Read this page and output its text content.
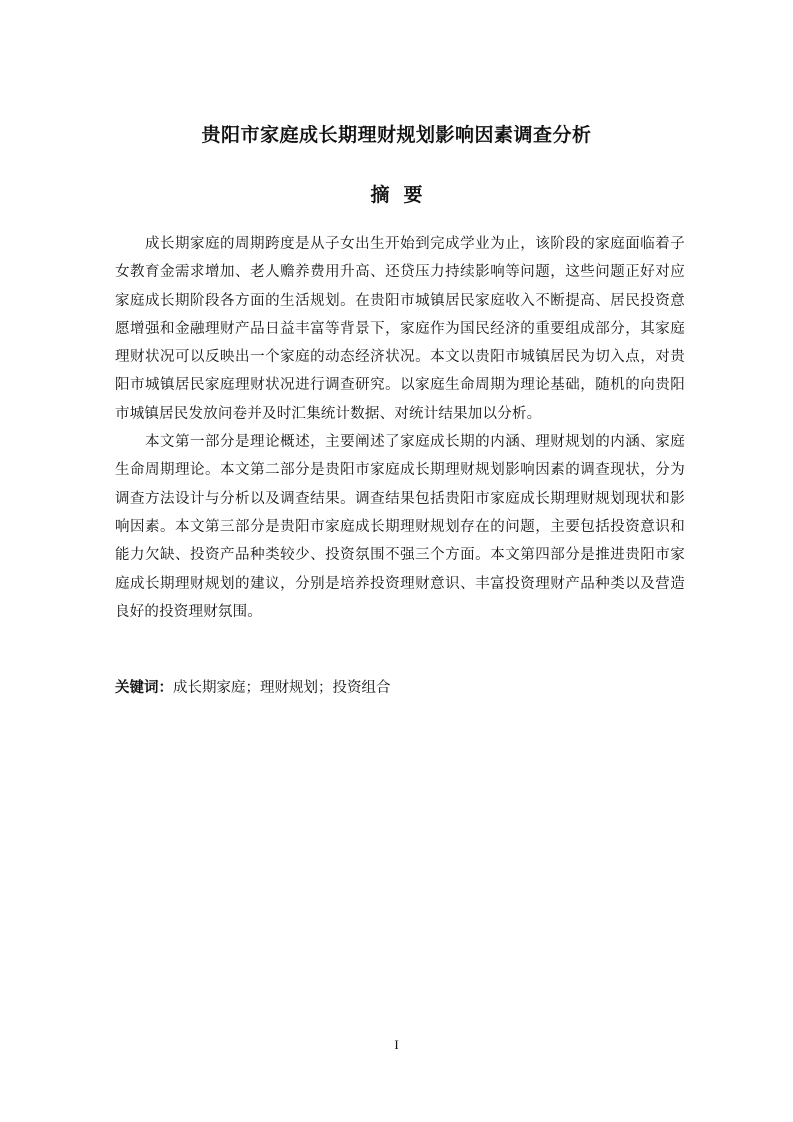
贵阳市家庭成长期理财规划影响因素调查分析
摘要

成长期家庭的周期跨度是从子女出生开始到完成学业为止，该阶段的家庭面临着子女教育金需求增加、老人赡养费用升高、还贷压力持续影响等问题，这些问题正好对应家庭成长期阶段各方面的生活规划。在贵阳市城镇居民家庭收入不断提高、居民投资意愿增强和金融理财产品日益丰富等背景下，家庭作为国民经济的重要组成部分，其家庭理财状况可以反映出一个家庭的动态经济状况。本文以贵阳市城镇居民为切入点，对贵阳市城镇居民家庭理财状况进行调查研究。以家庭生命周期为理论基础，随机的向贵阳市城镇居民发放问卷并及时汇集统计数据、对统计结果加以分析。

本文第一部分是理论概述，主要阐述了家庭成长期的内涵、理财规划的内涵、家庭生命周期理论。本文第二部分是贵阳市家庭成长期理财规划影响因素的调查现状，分为调查方法设计与分析以及调查结果。调查结果包括贵阳市家庭成长期理财规划现状和影响因素。本文第三部分是贵阳市家庭成长期理财规划存在的问题，主要包括投资意识和能力欠缺、投资产品种类较少、投资氛围不强三个方面。本文第四部分是推进贵阳市家庭成长期理财规划的建议，分别是培养投资理财意识、丰富投资理财产品种类以及营造良好的投资理财氛围。

关键词：成长期家庭；理财规划；投资组合
I
